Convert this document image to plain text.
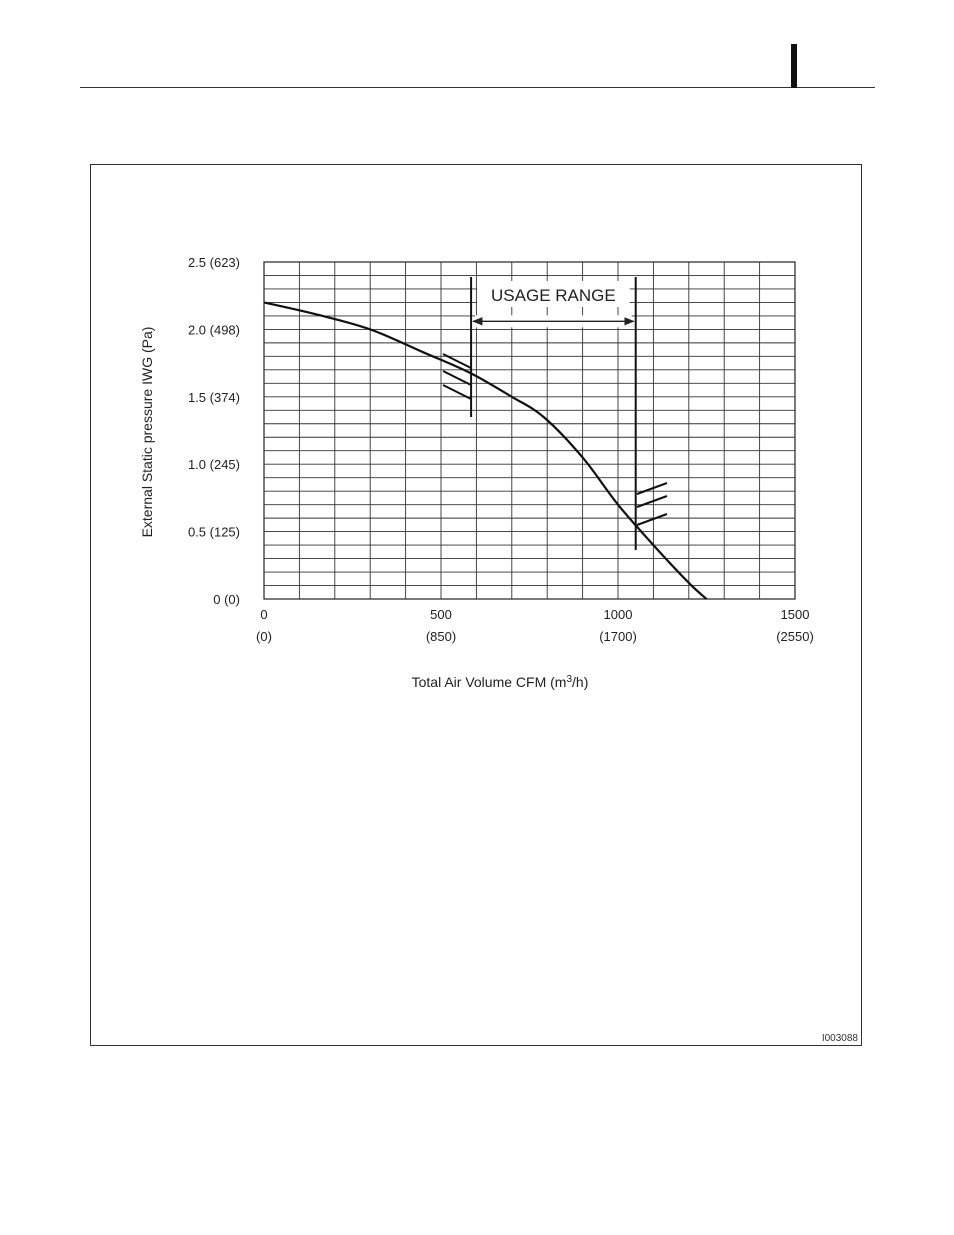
0 (0)
0.5 (125)
1.0 (245)
1.5 (374)
2.0 (498)
2.5 (623)
0
(0)
500
(850)
1000
(1700)
1500
(2550)
USAGE RANGE
External Static pressure IWG (Pa)
Total Air Volume CFM $(m^3/h)$
I003088
